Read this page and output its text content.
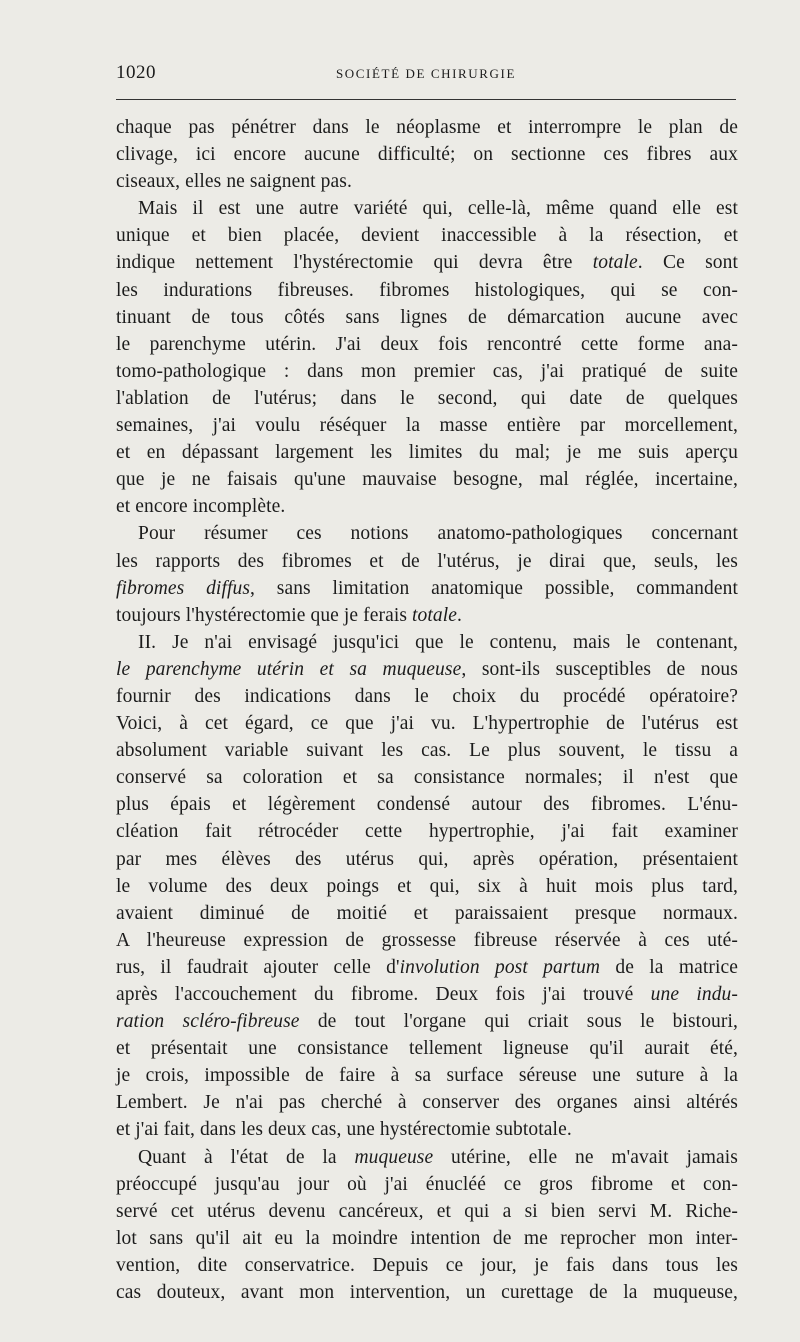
1020	SOCIÉTÉ DE CHIRURGIE
chaque pas pénétrer dans le néoplasme et interrompre le plan de
clivage, ici encore aucune difficulté; on sectionne ces fibres aux
ciseaux, elles ne saignent pas.
Mais il est une autre variété qui, celle-là, même quand elle est
unique et bien placée, devient inaccessible à la résection, et
indique nettement l'hystérectomie qui devra être totale. Ce sont
les indurations fibreuses. fibromes histologiques, qui se con-
tinuant de tous côtés sans lignes de démarcation aucune avec
le parenchyme utérin. J'ai deux fois rencontré cette forme ana-
tomo-pathologique : dans mon premier cas, j'ai pratiqué de suite
l'ablation de l'utérus; dans le second, qui date de quelques
semaines, j'ai voulu réséquer la masse entière par morcellement,
et en dépassant largement les limites du mal; je me suis aperçu
que je ne faisais qu'une mauvaise besogne, mal réglée, incertaine,
et encore incomplète.
Pour résumer ces notions anatomo-pathologiques concernant
les rapports des fibromes et de l'utérus, je dirai que, seuls, les
fibromes diffus, sans limitation anatomique possible, commandent
toujours l'hystérectomie que je ferais totale.
II. Je n'ai envisagé jusqu'ici que le contenu, mais le contenant,
le parenchyme utérin et sa muqueuse, sont-ils susceptibles de nous
fournir des indications dans le choix du procédé opératoire?
Voici, à cet égard, ce que j'ai vu. L'hypertrophie de l'utérus est
absolument variable suivant les cas. Le plus souvent, le tissu a
conservé sa coloration et sa consistance normales; il n'est que
plus épais et légèrement condensé autour des fibromes. L'énu-
cléation fait rétrocéder cette hypertrophie, j'ai fait examiner
par mes élèves des utérus qui, après opération, présentaient
le volume des deux poings et qui, six à huit mois plus tard,
avaient diminué de moitié et paraissaient presque normaux.
A l'heureuse expression de grossesse fibreuse réservée à ces uté-
rus, il faudrait ajouter celle d'involution post partum de la matrice
après l'accouchement du fibrome. Deux fois j'ai trouvé une indu-
ration scléro-fibreuse de tout l'organe qui criait sous le bistouri,
et présentait une consistance tellement ligneuse qu'il aurait été,
je crois, impossible de faire à sa surface séreuse une suture à la
Lembert. Je n'ai pas cherché à conserver des organes ainsi altérés
et j'ai fait, dans les deux cas, une hystérectomie subtotale.
Quant à l'état de la muqueuse utérine, elle ne m'avait jamais
préoccupé jusqu'au jour où j'ai énucléé ce gros fibrome et con-
servé cet utérus devenu cancéreux, et qui a si bien servi M. Riche-
lot sans qu'il ait eu la moindre intention de me reprocher mon inter-
vention, dite conservatrice. Depuis ce jour, je fais dans tous les
cas douteux, avant mon intervention, un curettage de la muqueuse,
